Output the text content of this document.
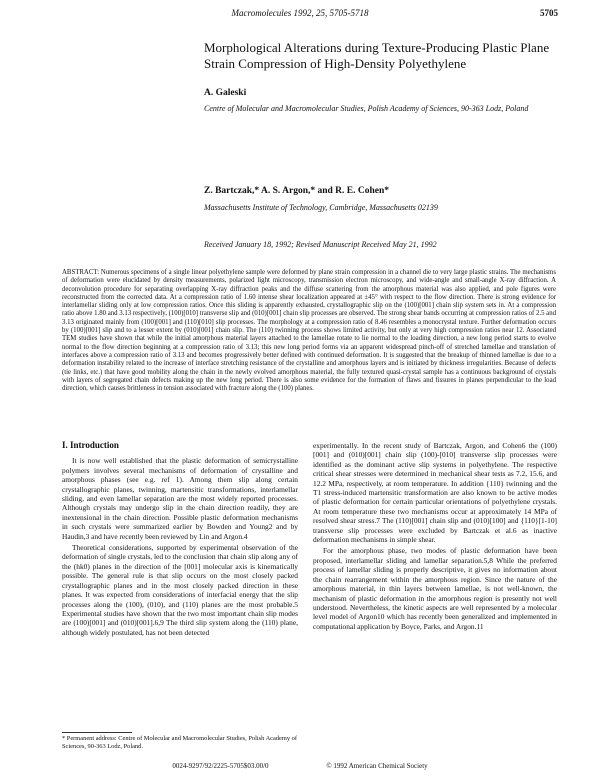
Macromolecules 1992, 25, 5705-5718	5705
Morphological Alterations during Texture-Producing Plastic Plane Strain Compression of High-Density Polyethylene
A. Galeski
Centre of Molecular and Macromolecular Studies, Polish Academy of Sciences, 90-363 Lodz, Poland
Z. Bartczak,* A. S. Argon,* and R. E. Cohen*
Massachusetts Institute of Technology, Cambridge, Massachusetts 02139
Received January 18, 1992; Revised Manuscript Received May 21, 1992

ABSTRACT: Numerous specimens of a single linear polyethylene sample were deformed by plane strain compression in a channel die to very large plastic strains. The mechanisms of deformation were elucidated by density measurements, polarized light microscopy, transmission electron microscopy, and wide-angle and small-angle X-ray diffraction. A deconvolution procedure for separating overlapping X-ray diffraction peaks and the diffuse scattering from the amorphous material was also applied, and pole figures were reconstructed from the corrected data. At a compression ratio of 1.60 intense shear localization appeared at ±45° with respect to the flow direction. There is strong evidence for interlamellar sliding only at low compression ratios. Once this sliding is apparently exhausted, crystallographic slip on the (100)[001] chain slip system sets in. At a compression ratio above 1.80 and 3.13 respectively, (100)[010] transverse slip and (010)[001] chain slip processes are observed. The strong shear bands occurring at compression ratios of 2.5 and 3.13 originated mainly from (100)[001] and (110)[010] slip processes. The morphology at a compression ratio of 8.46 resembles a monocrystal texture. Further deformation occurs by (100)[001] slip and to a lesser extent by (010)[001] chain slip. The (110) twinning process shows limited activity, but only at very high compression ratios near 12. Associated TEM studies have shown that while the initial amorphous material layers attached to the lamellae rotate to lie normal to the loading direction, a new long period starts to evolve normal to the flow direction beginning at a compression ratio of 3.13; this new long period forms via an apparent widespread pinch-off of stretched lamellae and translation of interfaces above a compression ratio of 3.13 and becomes progressively better defined with continued deformation. It is suggested that the breakup of thinned lamellae is due to a deformation instability related to the increase of interface stretching resistance of the crystalline and amorphous layers and is initiated by thickness irregularities. Because of defects (tie links, etc.) that have good mobility along the chain in the newly evolved amorphous material, the fully textured quasi-crystal sample has a continuous background of crystals with layers of segregated chain defects making up the new long period. There is also some evidence for the formation of flaws and fissures in planes perpendicular to the load direction, which causes brittleness in tension associated with fracture along the (100) planes.

I. Introduction

It is now well established that the plastic deformation of semicrystalline polymers involves several mechanisms of deformation of crystalline and amorphous phases (see e.g. ref 1). Among them slip along certain crystallographic planes, twinning, martensitic transformations, interlamellar sliding, and even lamellar separation are the most widely reported processes. Although crystals may undergo slip in the chain direction readily, they are inextensional in the chain direction. Possible plastic deformation mechanisms in such crystals were summarized earlier by Bowden and Young2 and by Haudin,3 and have recently been reviewed by Lin and Argon.4

Theoretical considerations, supported by experimental observation of the deformation of single crystals, led to the conclusion that chain slip along any of the (hk0) planes in the direction of the [001] molecular axis is kinematically possible. The general rule is that slip occurs on the most closely packed crystallographic planes and in the most closely packed direction in these planes. It was expected from considerations of interfacial energy that the slip processes along the (100), (010), and (110) planes are the most probable.5 Experimental studies have shown that the two most important chain slip modes are (100)[001] and (010)[001].6,9 The third slip system along the (110) plane, although widely postulated, has not been detected

experimentally. In the recent study of Bartczak, Argon, and Cohen6 the (100)[001] and (010)[001] chain slip (100)-[010] transverse slip processes were identified as the dominant active slip systems in polyethylene. The respective critical shear stresses were determined in mechanical shear tests as 7.2, 15.6, and 12.2 MPa, respectively, at room temperature. In addition {110} twinning and the T1 stress-induced martensitic transformation are also known to be active modes of plastic deformation for certain particular orientations of polyethylene crystals. At room temperature these two mechanisms occur at approximately 14 MPa of resolved shear stress.7 The (110)[001] chain slip and (010)[100] and {110}[1-10] transverse slip processes were excluded by Bartczak et al.6 as inactive deformation mechanisms in simple shear.

For the amorphous phase, two modes of plastic deformation have been proposed, interlamellar sliding and lamellar separation.5,8 While the preferred process of lamellar sliding is properly descriptive, it gives no information about the chain rearrangement within the amorphous region. Since the nature of the amorphous material, in thin layers between lamellae, is not well-known, the mechanism of plastic deformation in the amorphous region is presently not well understood. Nevertheless, the kinetic aspects are well represented by a molecular level model of Argon10 which has recently been generalized and implemented in computational application by Boyce, Parks, and Argon.11

* Permanent address: Centre of Molecular and Macromolecular Studies, Polish Academy of Sciences, 90-363 Lodz, Poland.
0024-9297/92/2225-5705$03.00/0	© 1992 American Chemical Society
